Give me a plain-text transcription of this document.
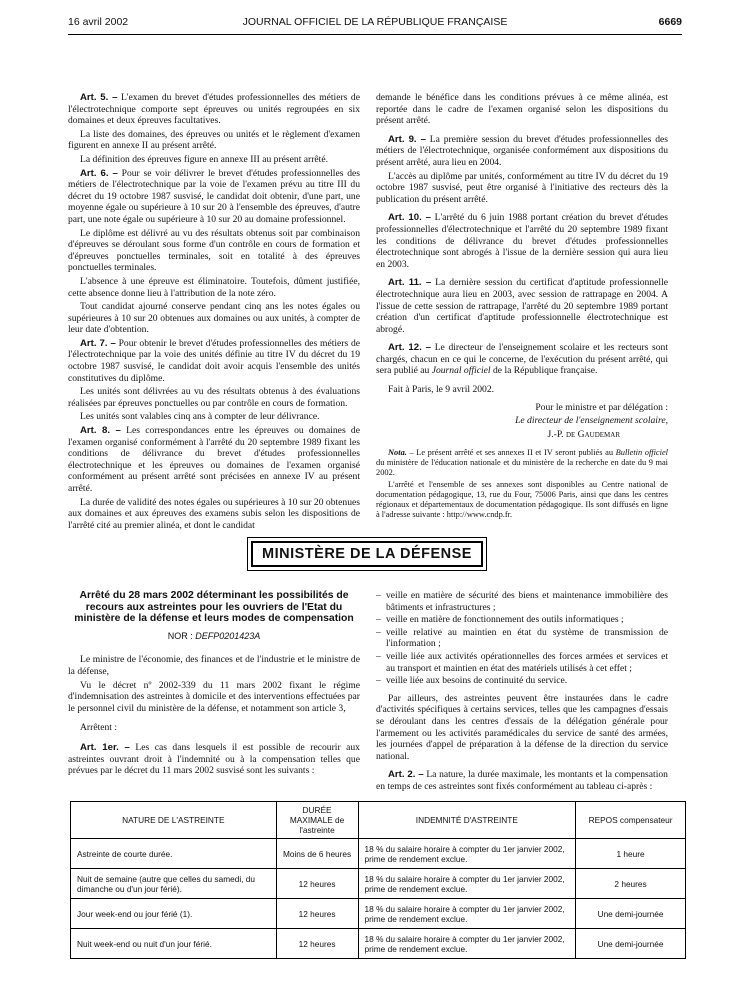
16 avril 2002	JOURNAL OFFICIEL DE LA RÉPUBLIQUE FRANÇAISE	6669

Art. 5. – L'examen du brevet d'études professionnelles des métiers de l'électrotechnique comporte sept épreuves ou unités regroupées en six domaines et deux épreuves facultatives.

La liste des domaines, des épreuves ou unités et le règlement d'examen figurent en annexe II au présent arrêté.

La définition des épreuves figure en annexe III au présent arrêté.

Art. 6. – Pour se voir délivrer le brevet d'études professionnelles des métiers de l'électrotechnique par la voie de l'examen prévu au titre III du décret du 19 octobre 1987 susvisé, le candidat doit obtenir, d'une part, une moyenne égale ou supérieure à 10 sur 20 à l'ensemble des épreuves, d'autre part, une note égale ou supérieure à 10 sur 20 au domaine professionnel.

Le diplôme est délivré au vu des résultats obtenus soit par combinaison d'épreuves se déroulant sous forme d'un contrôle en cours de formation et d'épreuves ponctuelles terminales, soit en totalité à des épreuves ponctuelles terminales.

L'absence à une épreuve est éliminatoire. Toutefois, dûment justifiée, cette absence donne lieu à l'attribution de la note zéro.

Tout candidat ajourné conserve pendant cinq ans les notes égales ou supérieures à 10 sur 20 obtenues aux domaines ou aux unités, à compter de leur date d'obtention.

Art. 7. – Pour obtenir le brevet d'études professionnelles des métiers de l'électrotechnique par la voie des unités définie au titre IV du décret du 19 octobre 1987 susvisé, le candidat doit avoir acquis l'ensemble des unités constitutives du diplôme.

Les unités sont délivrées au vu des résultats obtenus à des évaluations réalisées par épreuves ponctuelles ou par contrôle en cours de formation.

Les unités sont valables cinq ans à compter de leur délivrance.

Art. 8. – Les correspondances entre les épreuves ou domaines de l'examen organisé conformément à l'arrêté du 20 septembre 1989 fixant les conditions de délivrance du brevet d'études professionnelles électrotechnique et les épreuves ou domaines de l'examen organisé conformément au présent arrêté sont précisées en annexe IV au présent arrêté.

La durée de validité des notes égales ou supérieures à 10 sur 20 obtenues aux domaines et aux épreuves des examens subis selon les dispositions de l'arrêté cité au premier alinéa, et dont le candidat

demande le bénéfice dans les conditions prévues à ce même alinéa, est reportée dans le cadre de l'examen organisé selon les dispositions du présent arrêté.

Art. 9. – La première session du brevet d'études professionnelles des métiers de l'électrotechnique, organisée conformément aux dispositions du présent arrêté, aura lieu en 2004.

L'accès au diplôme par unités, conformément au titre IV du décret du 19 octobre 1987 susvisé, peut être organisé à l'initiative des recteurs dès la publication du présent arrêté.

Art. 10. – L'arrêté du 6 juin 1988 portant création du brevet d'études professionnelles d'électrotechnique et l'arrêté du 20 septembre 1989 fixant les conditions de délivrance du brevet d'études professionnelles électrotechnique sont abrogés à l'issue de la dernière session qui aura lieu en 2003.

Art. 11. – La dernière session du certificat d'aptitude professionnelle électrotechnique aura lieu en 2003, avec session de rattrapage en 2004. A l'issue de cette session de rattrapage, l'arrêté du 20 septembre 1989 portant création d'un certificat d'aptitude professionnelle électrotechnique est abrogé.

Art. 12. – Le directeur de l'enseignement scolaire et les recteurs sont chargés, chacun en ce qui le concerne, de l'exécution du présent arrêté, qui sera publié au Journal officiel de la République française.

Fait à Paris, le 9 avril 2002.

Pour le ministre et par délégation :

Le directeur de l'enseignement scolaire,

J.-P. de Gaudemar

Nota. – Le présent arrêté et ses annexes II et IV seront publiés au Bulletin officiel du ministère de l'éducation nationale et du ministère de la recherche en date du 9 mai 2002.

L'arrêté et l'ensemble de ses annexes sont disponibles au Centre national de documentation pédagogique, 13, rue du Four, 75006 Paris, ainsi que dans les centres régionaux et départementaux de documentation pédagogique. Ils sont diffusés en ligne à l'adresse suivante : http://www.cndp.fr.

MINISTÈRE DE LA DÉFENSE
Arrêté du 28 mars 2002 déterminant les possibilités de recours aux astreintes pour les ouvriers de l'Etat du ministère de la défense et leurs modes de compensation
NOR : DEFP0201423A

Le ministre de l'économie, des finances et de l'industrie et le ministre de la défense,

Vu le décret nº 2002-339 du 11 mars 2002 fixant le régime d'indemnisation des astreintes à domicile et des interventions effectuées par le personnel civil du ministère de la défense, et notamment son article 3,

Arrêtent :

Art. 1er. – Les cas dans lesquels il est possible de recourir aux astreintes ouvrant droit à l'indemnité ou à la compensation telles que prévues par le décret du 11 mars 2002 susvisé sont les suivants :

– veille en matière de sécurité des biens et maintenance immobilière des bâtiments et infrastructures ;
– veille en matière de fonctionnement des outils informatiques ;
– veille relative au maintien en état du système de transmission de l'information ;
– veille liée aux activités opérationnelles des forces armées et services et au transport et maintien en état des matériels utilisés à cet effet ;
– veille liée aux besoins de continuité du service.

Par ailleurs, des astreintes peuvent être instaurées dans le cadre d'activités spécifiques à certains services, telles que les campagnes d'essais se déroulant dans les centres d'essais de la délégation générale pour l'armement ou les activités paramédicales du service de santé des armées, les journées d'appel de préparation à la défense de la direction du service national.

Art. 2. – La nature, la durée maximale, les montants et la compensation en temps de ces astreintes sont fixés conformément au tableau ci-après :

NATURE DE L'ASTREINTE	DURÉE MAXIMALE de l'astreinte	INDEMNITÉ D'ASTREINTE	REPOS compensateur
Astreinte de courte durée.	Moins de 6 heures	18 % du salaire horaire à compter du 1er janvier 2002, prime de rendement exclue.	1 heure
Nuit de semaine (autre que celles du samedi, du dimanche ou d'un jour férié).	12 heures	18 % du salaire horaire à compter du 1er janvier 2002, prime de rendement exclue.	2 heures
Jour week-end ou jour férié (1).	12 heures	18 % du salaire horaire à compter du 1er janvier 2002, prime de rendement exclue.	Une demi-journée
Nuit week-end ou nuit d'un jour férié.	12 heures	18 % du salaire horaire à compter du 1er janvier 2002, prime de rendement exclue.	Une demi-journée
